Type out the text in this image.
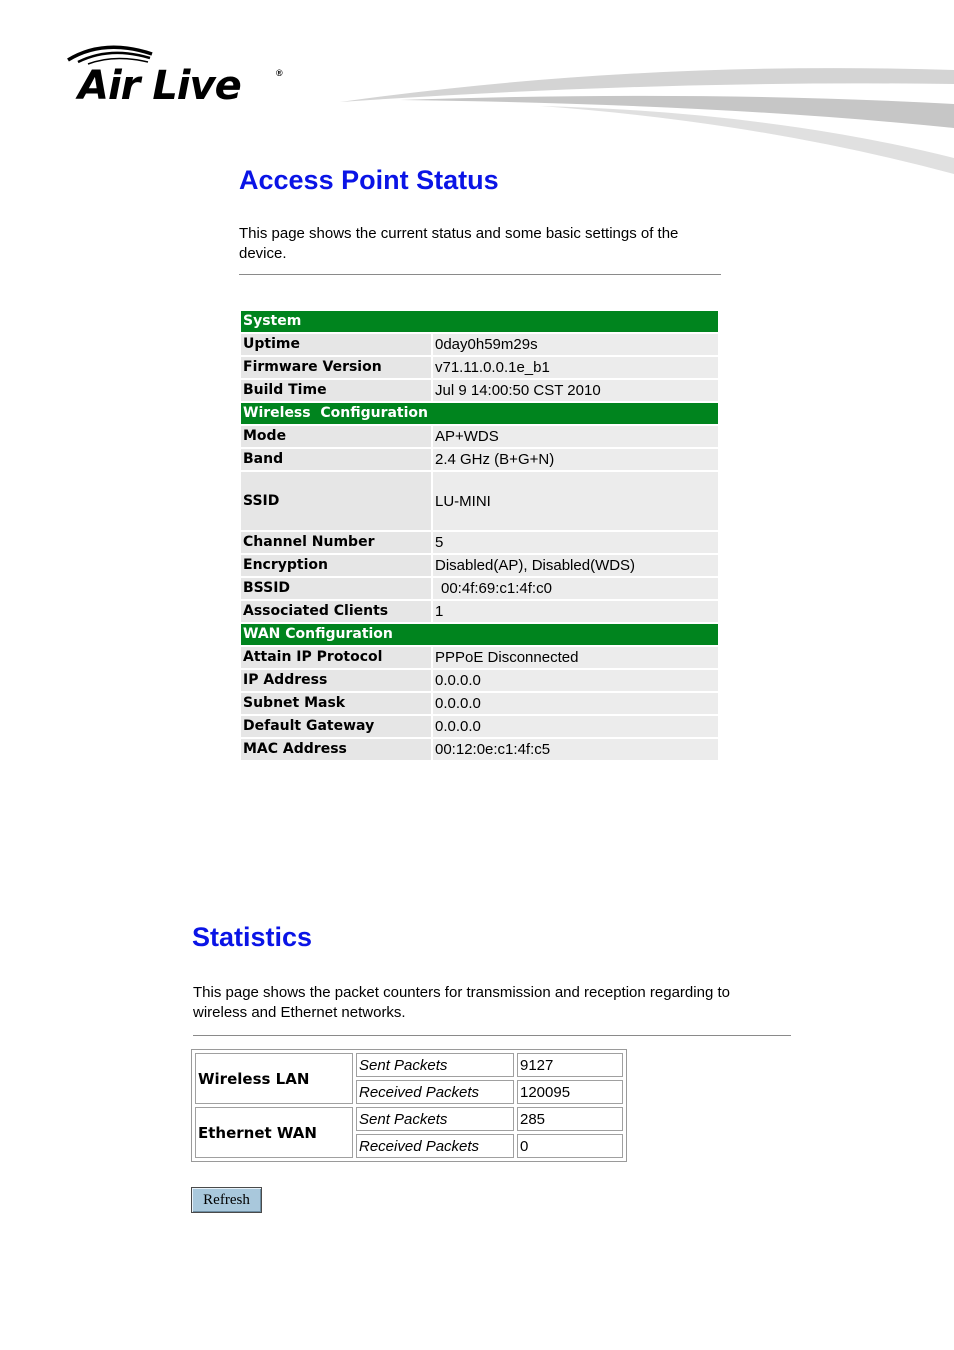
Air Live	®
Access Point Status

This page shows the current status and some basic settings of the

device.

System	
Uptime	0day0h59m29s
Firmware Version	v71.11.0.0.1e_b1
Build Time	Jul 9 14:00:50 CST 2010
Wireless  Configuration	
Mode	AP+WDS
Band	2.4 GHz (B+G+N)
SSID	LU-MINI
Channel Number	5
Encryption	Disabled(AP), Disabled(WDS)
BSSID	00:4f:69:c1:4f:c0
Associated Clients	1
WAN Configuration	
Attain IP Protocol	PPPoE Disconnected
IP Address	0.0.0.0
Subnet Mask	0.0.0.0
Default Gateway	0.0.0.0
MAC Address	00:12:0e:c1:4f:c5
Statistics

This page shows the packet counters for transmission and reception regarding to

wireless and Ethernet networks.

Wireless LAN	Sent Packets	9127
	Received Packets	120095
Ethernet WAN	Sent Packets	285
	Received Packets	0
Refresh
